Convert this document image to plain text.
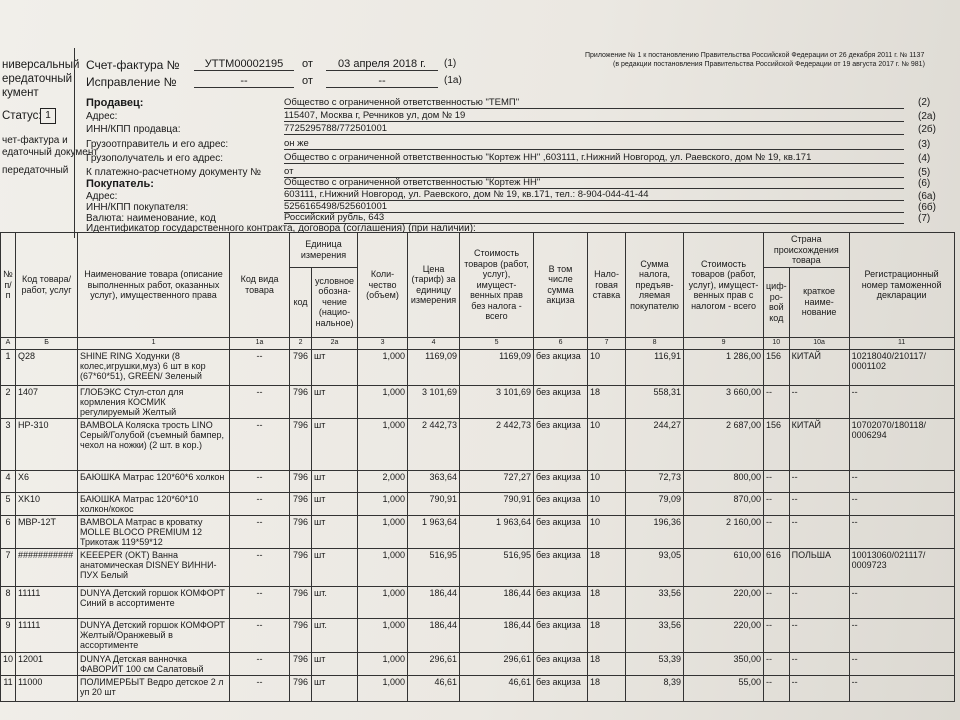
ниверсальный
ередаточный
кумент
Статус: 1
чет-фактура и
едаточный документ
передаточный
Счет-фактура №	УТТМ00002195	от	03 апреля 2018 г.	(1)
Исправление №	--	от	--	(1а)
Приложение № 1 к постановлению Правительства Российской Федерации от 26 декабря 2011 г. № 1137
(в редакции постановления Правительства Российской Федерации от 19 августа 2017 г. № 981)
Продавец:	Общество с ограниченной ответственностью "ТЕМП"	(2)
Адрес:	115407, Москва г, Речников ул, дом № 19	(2а)
ИНН/КПП продавца:	7725295788/772501001	(2б)
Грузоотправитель и его адрес:	он же	(3)
Грузополучатель и его адрес:	Общество с ограниченной ответственностью "Кортеж НН" ,603111, г.Нижний Новгород, ул. Раевского, дом № 19, кв.171	(4)
К платежно-расчетному документу № от	(5)
Покупатель:	Общество с ограниченной ответственностью "Кортеж НН"	(6)
Адрес:	603111, г.Нижний Новгород, ул. Раевского, дом № 19, кв.171, тел.: 8-904-044-41-44	(6а)
ИНН/КПП покупателя:	5256165498/525601001	(6б)
Валюта: наименование, код	Российский рубль, 643	(7)
Идентификатор государственного контракта, договора (соглашения) (при наличии):
№ п/п	Код товара/ работ, услуг	Наименование товара (описание выполненных работ, оказанных услуг), имущественного права	Код вида товара	Единица измерения		Коли- чество (объем)	Цена (тариф) за единицу измерения	Стоимость товаров (работ, услуг), имущест- венных прав без налога - всего	В том числе сумма акциза	Нало- говая ставка	Сумма налога, предъяв- ляемая покупателю	Стоимость товаров (работ, услуг), имущест- венных прав с налогом - всего	Страна происхождения товара		Регистрационный номер таможенной декларации
				код	условное обозна- чение (нацио- нальное)								циф- ро- вой код	краткое наиме- нование	
А	Б	1	1а	2	2а	3	4	5	6	7	8	9	10	10а	11
1	Q28	SHINE RING Ходунки (8 колес,игрушки,муз) 6 шт в кор (67*60*51), GREEN/ Зеленый	--	796	шт	1,000	1169,09	1169,09	без акциза	10	116,91	1 286,00	156	КИТАЙ	10218040/210117/ 0001102
2	1407	ГЛОБЭКС Стул-стол для кормления КОСМИК регулируемый Желтый	--	796	шт	1,000	3 101,69	3 101,69	без акциза	18	558,31	3 660,00	--	--	--
3	HP-310	BAMBOLA Коляска трость LINO Серый/Голубой (съемный бампер, чехол на ножки) (2 шт. в кор.)	--	796	шт	1,000	2 442,73	2 442,73	без акциза	10	244,27	2 687,00	156	КИТАЙ	10702070/180118/ 0006294
4	X6	БАЮШКА Матрас 120*60*6 холкон	--	796	шт	2,000	363,64	727,27	без акциза	10	72,73	800,00	--	--	--
5	XK10	БАЮШКА Матрас 120*60*10 холкон/кокос	--	796	шт	1,000	790,91	790,91	без акциза	10	79,09	870,00	--	--	--
6	MBP-12T	BAMBOLA Матрас в кроватку MOLLE BLOCO PREMIUM 12 Трикотаж 119*59*12	--	796	шт	1,000	1 963,64	1 963,64	без акциза	10	196,36	2 160,00	--	--	--
7	###########	KEEEPER (OKT) Ванна анатомическая DISNEY ВИННИ-ПУХ Белый	--	796	шт	1,000	516,95	516,95	без акциза	18	93,05	610,00	616	ПОЛЬША	10013060/021117/ 0009723
8	11111	DUNYA Детский горшок КОМФОРТ Синий в ассортименте	--	796	шт.	1,000	186,44	186,44	без акциза	18	33,56	220,00	--	--	--
9	11111	DUNYA Детский горшок КОМФОРТ Желтый/Оранжевый в ассортименте	--	796	шт.	1,000	186,44	186,44	без акциза	18	33,56	220,00	--	--	--
10	12001	DUNYA Детская ванночка ФАВОРИТ 100 см Салатовый	--	796	шт	1,000	296,61	296,61	без акциза	18	53,39	350,00	--	--	--
11	11000	ПОЛИМЕРБЫТ Ведро детское 2 л уп 20 шт	--	796	шт	1,000	46,61	46,61	без акциза	18	8,39	55,00	--	--	--
